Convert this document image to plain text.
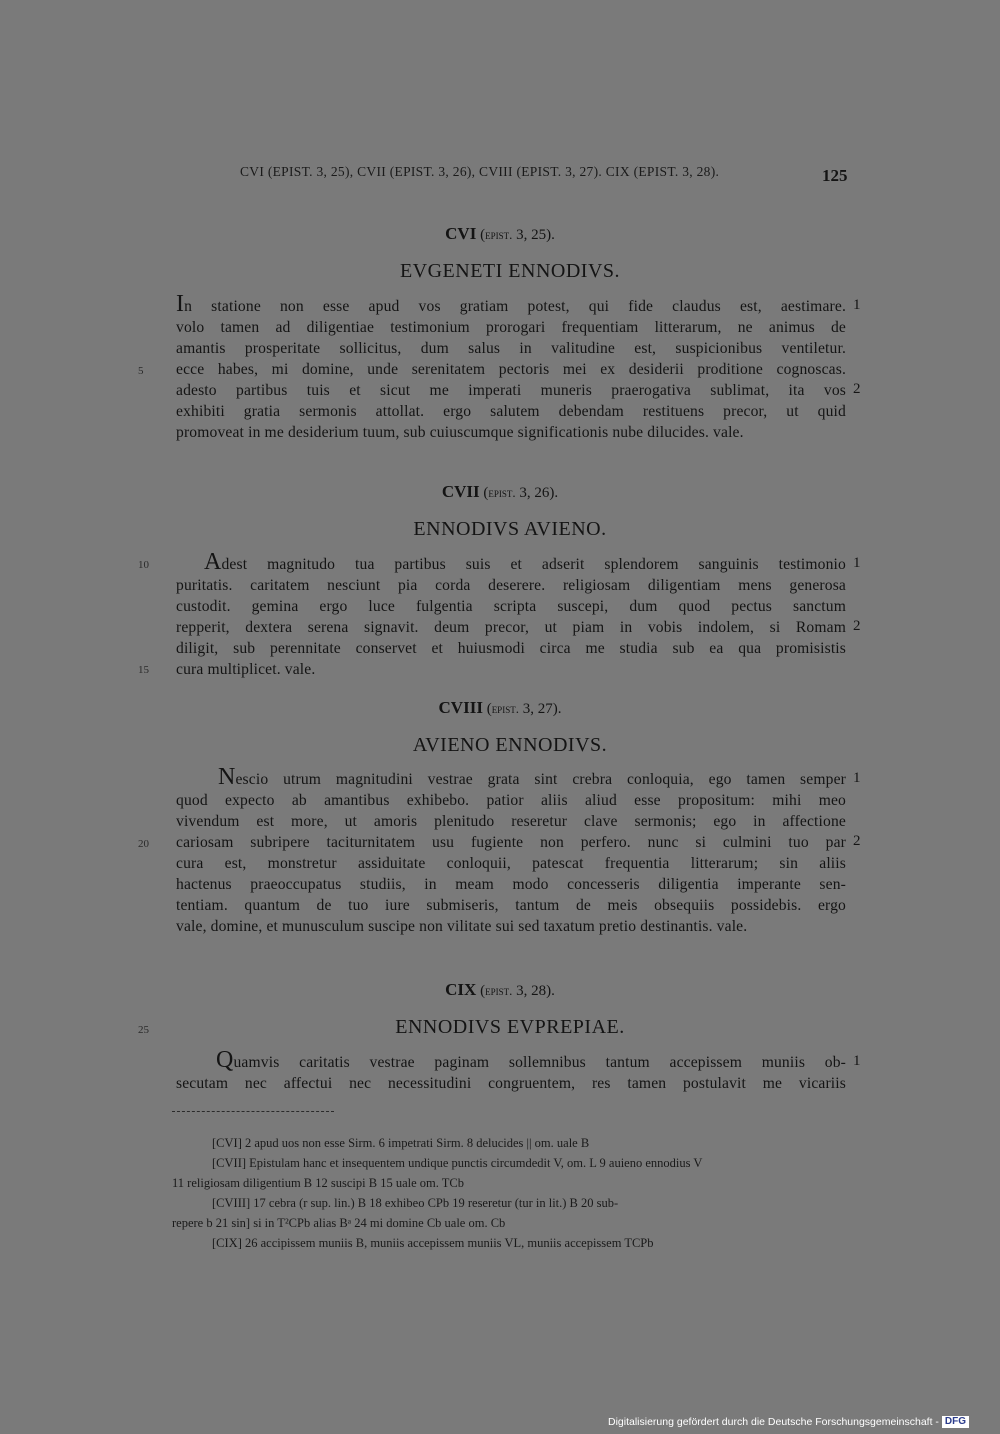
CVI (EPIST. 3, 25), CVII (EPIST. 3, 26), CVIII (EPIST. 3, 27). CIX (EPIST. 3, 28).	125
CVI (epist. 3, 25).
EVGENETI ENNODIVS.
In statione non esse apud vos gratiam potest, qui fide claudus est, aestimare.
volo tamen ad diligentiae testimonium prorogari frequentiam litterarum, ne animus de
amantis prosperitate sollicitus, dum salus in valitudine est, suspicionibus ventiletur.
ecce habes, mi domine, unde serenitatem pectoris mei ex desiderii proditione cognoscas.
adesto partibus tuis et sicut me imperati muneris praerogativa sublimat, ita vos
exhibiti gratia sermonis attollat. ergo salutem debendam restituens precor, ut quid
promoveat in me desiderium tuum, sub cuiuscumque significationis nube dilucides. vale.
1
2
5
CVII (epist. 3, 26).
ENNODIVS AVIENO.
Adest magnitudo tua partibus suis et adserit splendorem sanguinis testimonio
puritatis. caritatem nesciunt pia corda deserere. religiosam diligentiam mens generosa
custodit. gemina ergo luce fulgentia scripta suscepi, dum quod pectus sanctum
repperit, dextera serena signavit. deum precor, ut piam in vobis indolem, si Romam
diligit, sub perennitate conservet et huiusmodi circa me studia sub ea qua promisistis
cura multiplicet. vale.
1
2
10
15
CVIII (epist. 3, 27).
AVIENO ENNODIVS.
Nescio utrum magnitudini vestrae grata sint crebra conloquia, ego tamen semper
quod expecto ab amantibus exhibebo. patior aliis aliud esse propositum: mihi meo
vivendum est more, ut amoris plenitudo reseretur clave sermonis; ego in affectione
cariosam subripere taciturnitatem usu fugiente non perfero. nunc si culmini tuo par
cura est, monstretur assiduitate conloquii, patescat frequentia litterarum; sin aliis
hactenus praeoccupatus studiis, in meam modo concesseris diligentia imperante sen-
tentiam. quantum de tuo iure submiseris, tantum de meis obsequiis possidebis. ergo
vale, domine, et munusculum suscipe non vilitate sui sed taxatum pretio destinantis. vale.
1
2
20
CIX (epist. 3, 28).
ENNODIVS EVPREPIAE.
Quamvis caritatis vestrae paginam sollemnibus tantum accepissem muniis ob-
secutam nec affectui nec necessitudini congruentem, res tamen postulavit me vicariis
1
25
[CVI] 2 apud uos non esse Sirm. 6 impetrati Sirm. 8 delucides || om. uale B
[CVII] Epistulam hanc et insequentem undique punctis circumdedit V, om. L 9 auieno ennodius V
11 religiosam diligentium B 12 suscipi B 15 uale om. TCb
[CVIII] 17 cebra (r sup. lin.) B 18 exhibeo CPb 19 reseretur (tur in lit.) B 20 sub-
repere b 21 sin] si in T²CPb alias Bᵃ 24 mi domine Cb uale om. Cb
[CIX] 26 accipissem muniis B, muniis accepissem muniis VL, muniis accepissem TCPb
Digitalisierung gefördert durch die Deutsche Forschungsgemeinschaft - DFG
